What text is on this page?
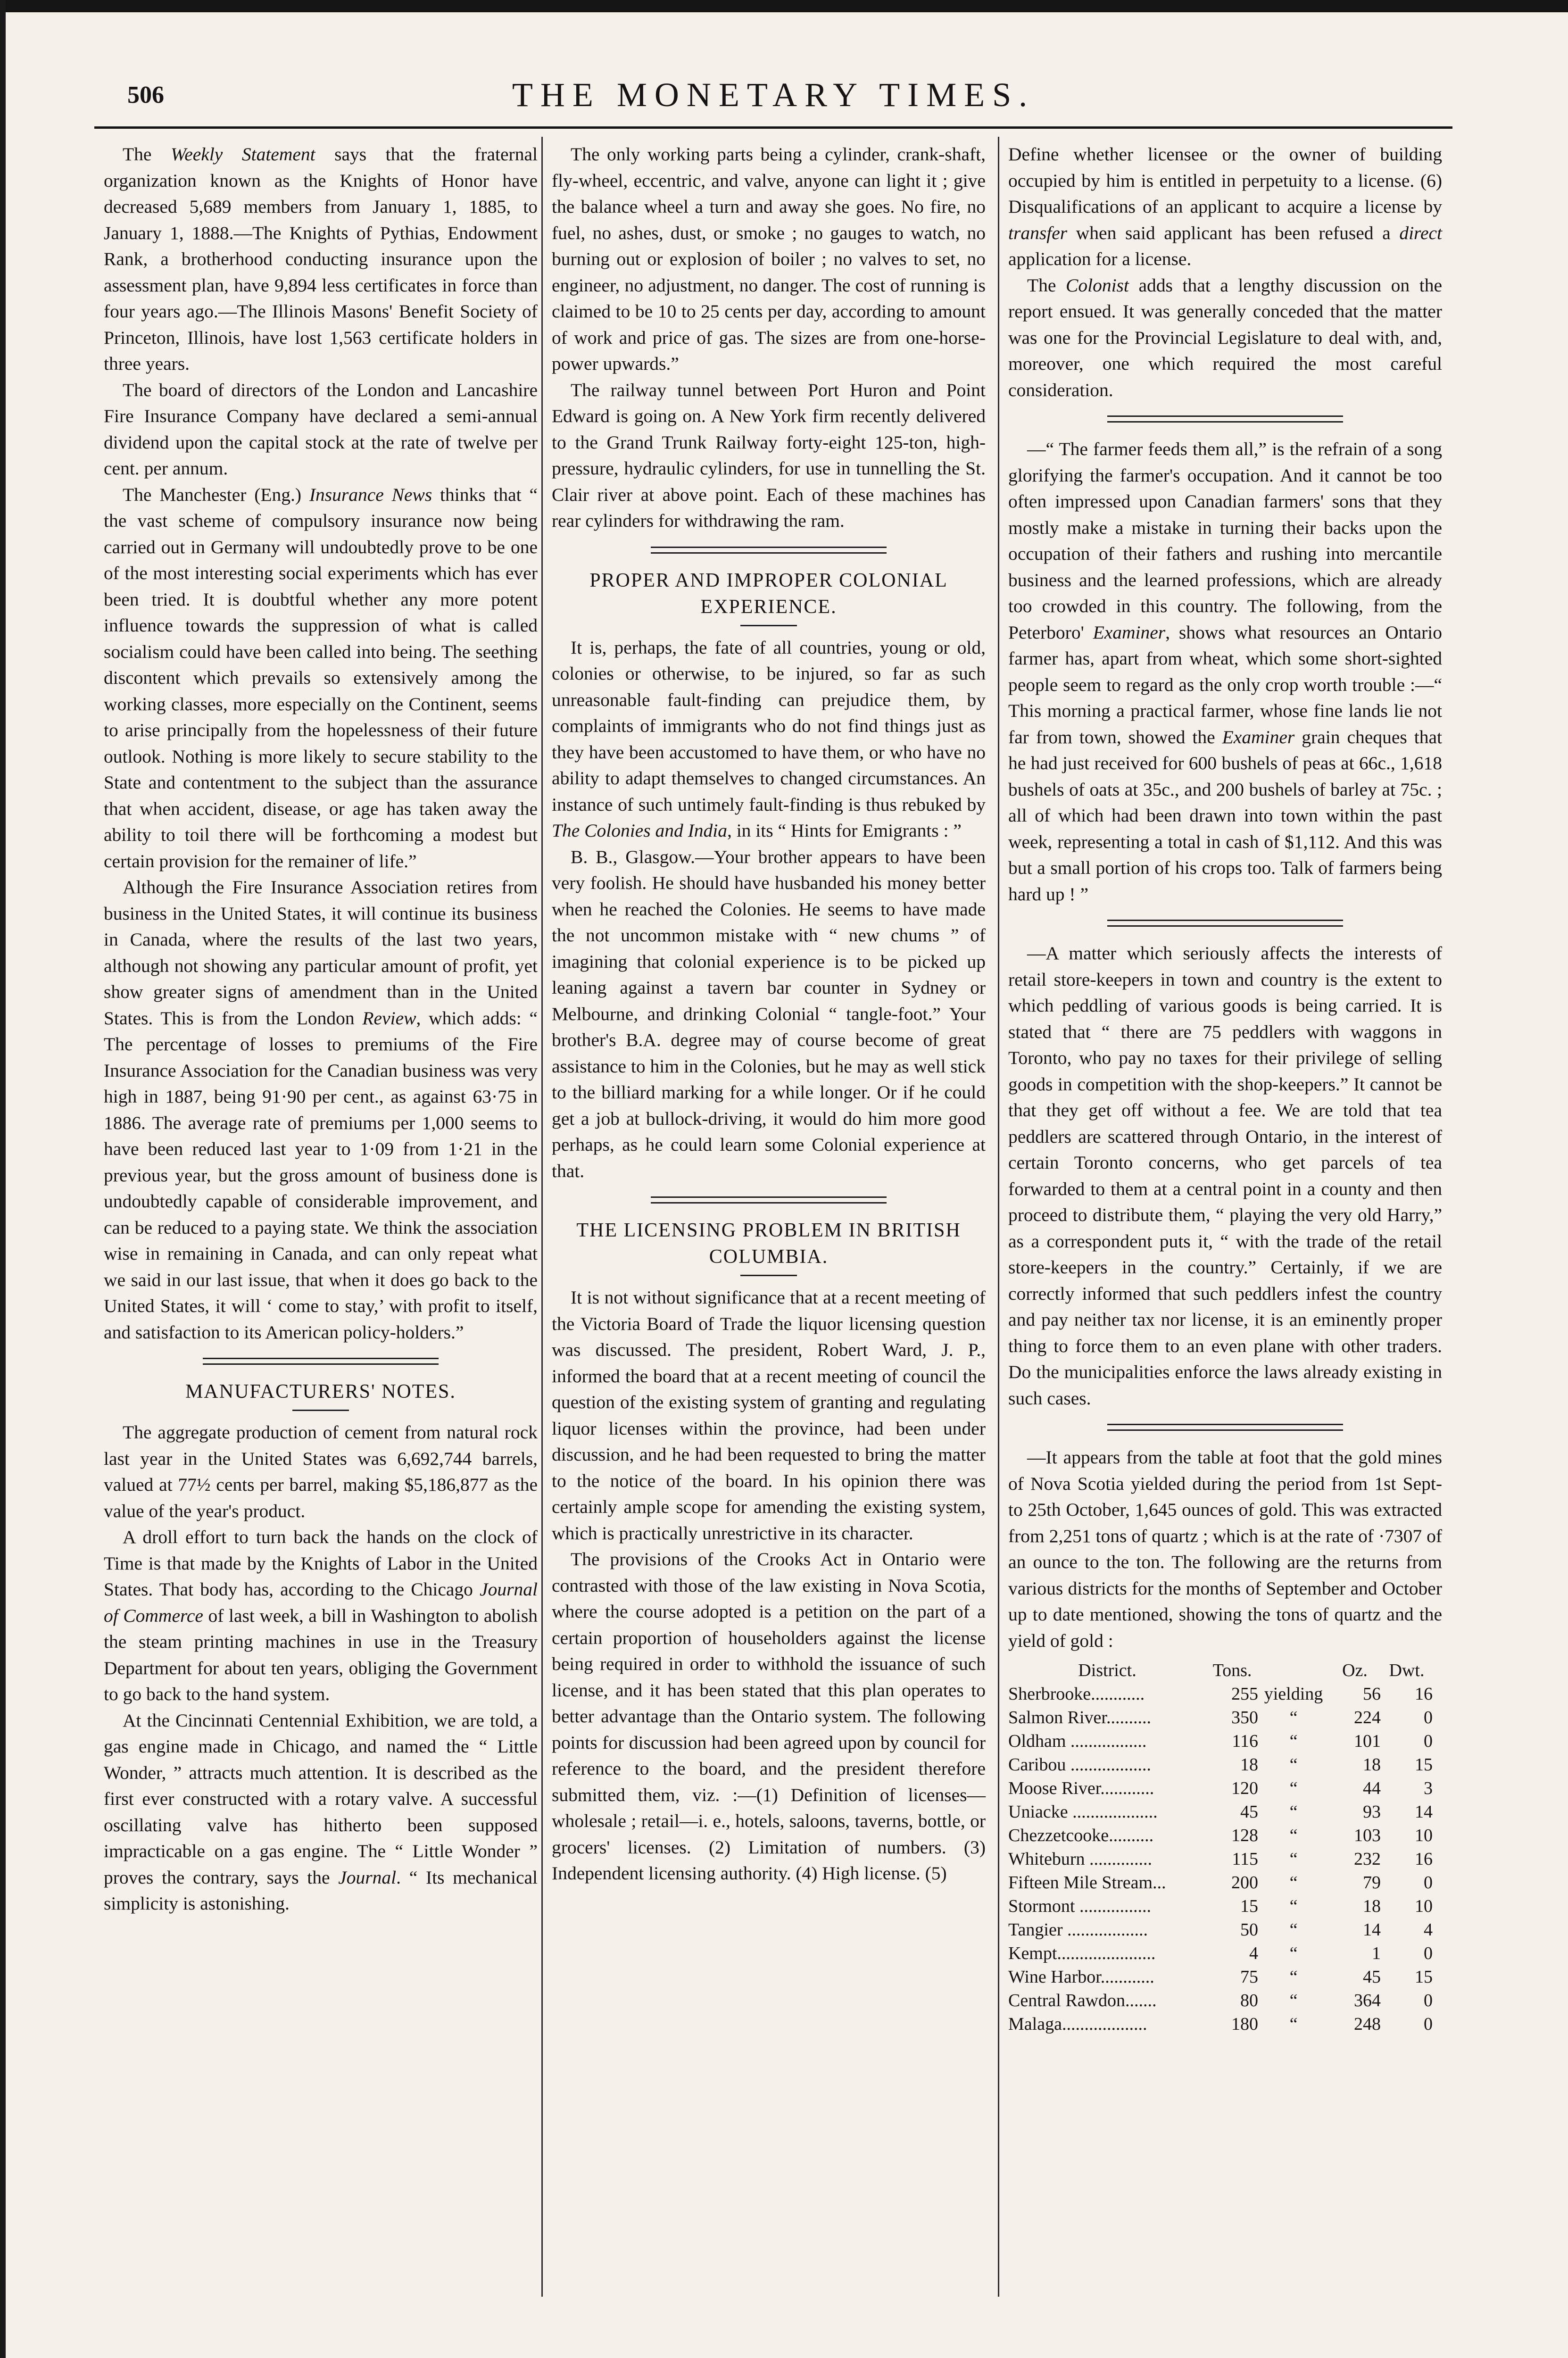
506	THE MONETARY TIMES.

The Weekly Statement says that the fraternal organization known as the Knights of Honor have decreased 5,689 members from January 1, 1885, to January 1, 1888.—The Knights of Pythias, Endowment Rank, a brotherhood conducting insurance upon the assessment plan, have 9,894 less certificates in force than four years ago.—The Illinois Masons' Benefit Society of Princeton, Illinois, have lost 1,563 certificate holders in three years.

The board of directors of the London and Lancashire Fire Insurance Company have declared a semi-annual dividend upon the capital stock at the rate of twelve per cent. per annum.

The Manchester (Eng.) Insurance News thinks that “ the vast scheme of compulsory insurance now being carried out in Germany will undoubtedly prove to be one of the most interesting social experiments which has ever been tried. It is doubtful whether any more potent influence towards the suppression of what is called socialism could have been called into being. The seething discontent which prevails so extensively among the working classes, more especially on the Continent, seems to arise principally from the hopelessness of their future outlook. Nothing is more likely to secure stability to the State and contentment to the subject than the assurance that when accident, disease, or age has taken away the ability to toil there will be forthcoming a modest but certain provision for the remainer of life.”

Although the Fire Insurance Association retires from business in the United States, it will continue its business in Canada, where the results of the last two years, although not showing any particular amount of profit, yet show greater signs of amendment than in the United States. This is from the London Review, which adds: “ The percentage of losses to premiums of the Fire Insurance Association for the Canadian business was very high in 1887, being 91·90 per cent., as against 63·75 in 1886. The average rate of premiums per 1,000 seems to have been reduced last year to 1·09 from 1·21 in the previous year, but the gross amount of business done is undoubtedly capable of considerable improvement, and can be reduced to a paying state. We think the association wise in remaining in Canada, and can only repeat what we said in our last issue, that when it does go back to the United States, it will ‘ come to stay,’ with profit to itself, and satisfaction to its American policy-holders.”

MANUFACTURERS' NOTES.

The aggregate production of cement from natural rock last year in the United States was 6,692,744 barrels, valued at 77½ cents per barrel, making $5,186,877 as the value of the year's product.

A droll effort to turn back the hands on the clock of Time is that made by the Knights of Labor in the United States. That body has, according to the Chicago Journal of Commerce of last week, a bill in Washington to abolish the steam printing machines in use in the Treasury Department for about ten years, obliging the Government to go back to the hand system.

At the Cincinnati Centennial Exhibition, we are told, a gas engine made in Chicago, and named the “ Little Wonder, ” attracts much attention. It is described as the first ever constructed with a rotary valve. A successful oscillating valve has hitherto been supposed impracticable on a gas engine. The “ Little Wonder ” proves the contrary, says the Journal. “ Its mechanical simplicity is astonishing.

The only working parts being a cylinder, crank-shaft, fly-wheel, eccentric, and valve, anyone can light it ; give the balance wheel a turn and away she goes. No fire, no fuel, no ashes, dust, or smoke ; no gauges to watch, no burning out or explosion of boiler ; no valves to set, no engineer, no adjustment, no danger. The cost of running is claimed to be 10 to 25 cents per day, according to amount of work and price of gas. The sizes are from one-horse-power upwards.”

The railway tunnel between Port Huron and Point Edward is going on. A New York firm recently delivered to the Grand Trunk Railway forty-eight 125-ton, high-pressure, hydraulic cylinders, for use in tunnelling the St. Clair river at above point. Each of these machines has rear cylinders for withdrawing the ram.

PROPER AND IMPROPER COLONIAL EXPERIENCE.

It is, perhaps, the fate of all countries, young or old, colonies or otherwise, to be injured, so far as such unreasonable fault-finding can prejudice them, by complaints of immigrants who do not find things just as they have been accustomed to have them, or who have no ability to adapt themselves to changed circumstances. An instance of such untimely fault-finding is thus rebuked by The Colonies and India, in its “ Hints for Emigrants : ”

B. B., Glasgow.—Your brother appears to have been very foolish. He should have husbanded his money better when he reached the Colonies. He seems to have made the not uncommon mistake with “ new chums ” of imagining that colonial experience is to be picked up leaning against a tavern bar counter in Sydney or Melbourne, and drinking Colonial “ tangle-foot.” Your brother's B.A. degree may of course become of great assistance to him in the Colonies, but he may as well stick to the billiard marking for a while longer. Or if he could get a job at bullock-driving, it would do him more good perhaps, as he could learn some Colonial experience at that.

THE LICENSING PROBLEM IN BRITISH COLUMBIA.

It is not without significance that at a recent meeting of the Victoria Board of Trade the liquor licensing question was discussed. The president, Robert Ward, J. P., informed the board that at a recent meeting of council the question of the existing system of granting and regulating liquor licenses within the province, had been under discussion, and he had been requested to bring the matter to the notice of the board. In his opinion there was certainly ample scope for amending the existing system, which is practically unrestrictive in its character.

The provisions of the Crooks Act in Ontario were contrasted with those of the law existing in Nova Scotia, where the course adopted is a petition on the part of a certain proportion of householders against the license being required in order to withhold the issuance of such license, and it has been stated that this plan operates to better advantage than the Ontario system. The following points for discussion had been agreed upon by council for reference to the board, and the president therefore submitted them, viz. :—(1) Definition of licenses—wholesale ; retail—i. e., hotels, saloons, taverns, bottle, or grocers' licenses. (2) Limitation of numbers. (3) Independent licensing authority. (4) High license. (5)

Define whether licensee or the owner of building occupied by him is entitled in perpetuity to a license. (6) Disqualifications of an applicant to acquire a license by transfer when said applicant has been refused a direct application for a license.

The Colonist adds that a lengthy discussion on the report ensued. It was generally conceded that the matter was one for the Provincial Legislature to deal with, and, moreover, one which required the most careful consideration.

—“ The farmer feeds them all,” is the refrain of a song glorifying the farmer's occupation. And it cannot be too often impressed upon Canadian farmers' sons that they mostly make a mistake in turning their backs upon the occupation of their fathers and rushing into mercantile business and the learned professions, which are already too crowded in this country. The following, from the Peterboro' Examiner, shows what resources an Ontario farmer has, apart from wheat, which some short-sighted people seem to regard as the only crop worth trouble :—“ This morning a practical farmer, whose fine lands lie not far from town, showed the Examiner grain cheques that he had just received for 600 bushels of peas at 66c., 1,618 bushels of oats at 35c., and 200 bushels of barley at 75c. ; all of which had been drawn into town within the past week, representing a total in cash of $1,112. And this was but a small portion of his crops too. Talk of farmers being hard up ! ”

—A matter which seriously affects the interests of retail store-keepers in town and country is the extent to which peddling of various goods is being carried. It is stated that “ there are 75 peddlers with waggons in Toronto, who pay no taxes for their privilege of selling goods in competition with the shop-keepers.” It cannot be that they get off without a fee. We are told that tea peddlers are scattered through Ontario, in the interest of certain Toronto concerns, who get parcels of tea forwarded to them at a central point in a county and then proceed to distribute them, “ playing the very old Harry,” as a correspondent puts it, “ with the trade of the retail store-keepers in the country.” Certainly, if we are correctly informed that such peddlers infest the country and pay neither tax nor license, it is an eminently proper thing to force them to an even plane with other traders. Do the municipalities enforce the laws already existing in such cases.

—It appears from the table at foot that the gold mines of Nova Scotia yielded during the period from 1st Sept- to 25th October, 1,645 ounces of gold. This was extracted from 2,251 tons of quartz ; which is at the rate of ·7307 of an ounce to the ton. The following are the returns from various districts for the months of September and October up to date mentioned, showing the tons of quartz and the yield of gold :

District.	Tons.		Oz.	Dwt.
Sherbrooke............	255	yielding	56	16
Salmon River..........	350	“	224	0
Oldham .................	116	“	101	0
Caribou ..................	18	“	18	15
Moose River............	120	“	44	3
Uniacke ...................	45	“	93	14
Chezzetcooke..........	128	“	103	10
Whiteburn ..............	115	“	232	16
Fifteen Mile Stream...	200	“	79	0
Stormont ................	15	“	18	10
Tangier ..................	50	“	14	4
Kempt......................	4	“	1	0
Wine Harbor............	75	“	45	15
Central Rawdon.......	80	“	364	0
Malaga...................	180	“	248	0
